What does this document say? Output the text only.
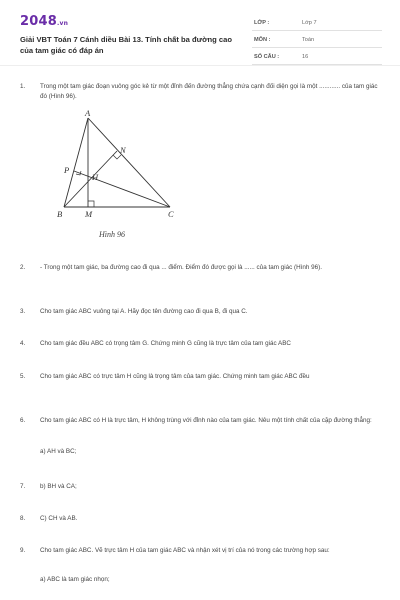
2048.vn
Giải VBT Toán 7 Cánh diều Bài 13. Tính chất ba đường cao của tam giác có đáp án
LỚP :	Lớp 7
MÔN :	Toán
SỐ CÂU :	16
1.	Trong một tam giác đoạn vuông góc kẻ từ một đỉnh đến đường thẳng chứa cạnh đối diện gọi là một ............ của tam giác đó (Hình 96).
A
B	C
M
N
P
H
Hình 96
2.	- Trong một tam giác, ba đường cao đi qua ... điểm. Điểm đó được gọi là ...... của tam giác (Hình 96).
3.	Cho tam giác ABC vuông tại A. Hãy đọc tên đường cao đi qua B, đi qua C.
4.	Cho tam giác đều ABC có trọng tâm G. Chứng minh G cũng là trực tâm của tam giác ABC
5.	Cho tam giác ABC có trực tâm H cũng là trọng tâm của tam giác. Chứng minh tam giác ABC đều
6.	Cho tam giác ABC có H là trực tâm, H không trùng với đỉnh nào của tam giác. Nêu một tính chất của cặp đường thẳng:
a) AH và BC;
7.	b) BH và CA;
8.	C) CH và AB.
9.	Cho tam giác ABC. Vẽ trực tâm H của tam giác ABC và nhận xét vị trí của nó trong các trường hợp sau:
a) ABC là tam giác nhọn;
